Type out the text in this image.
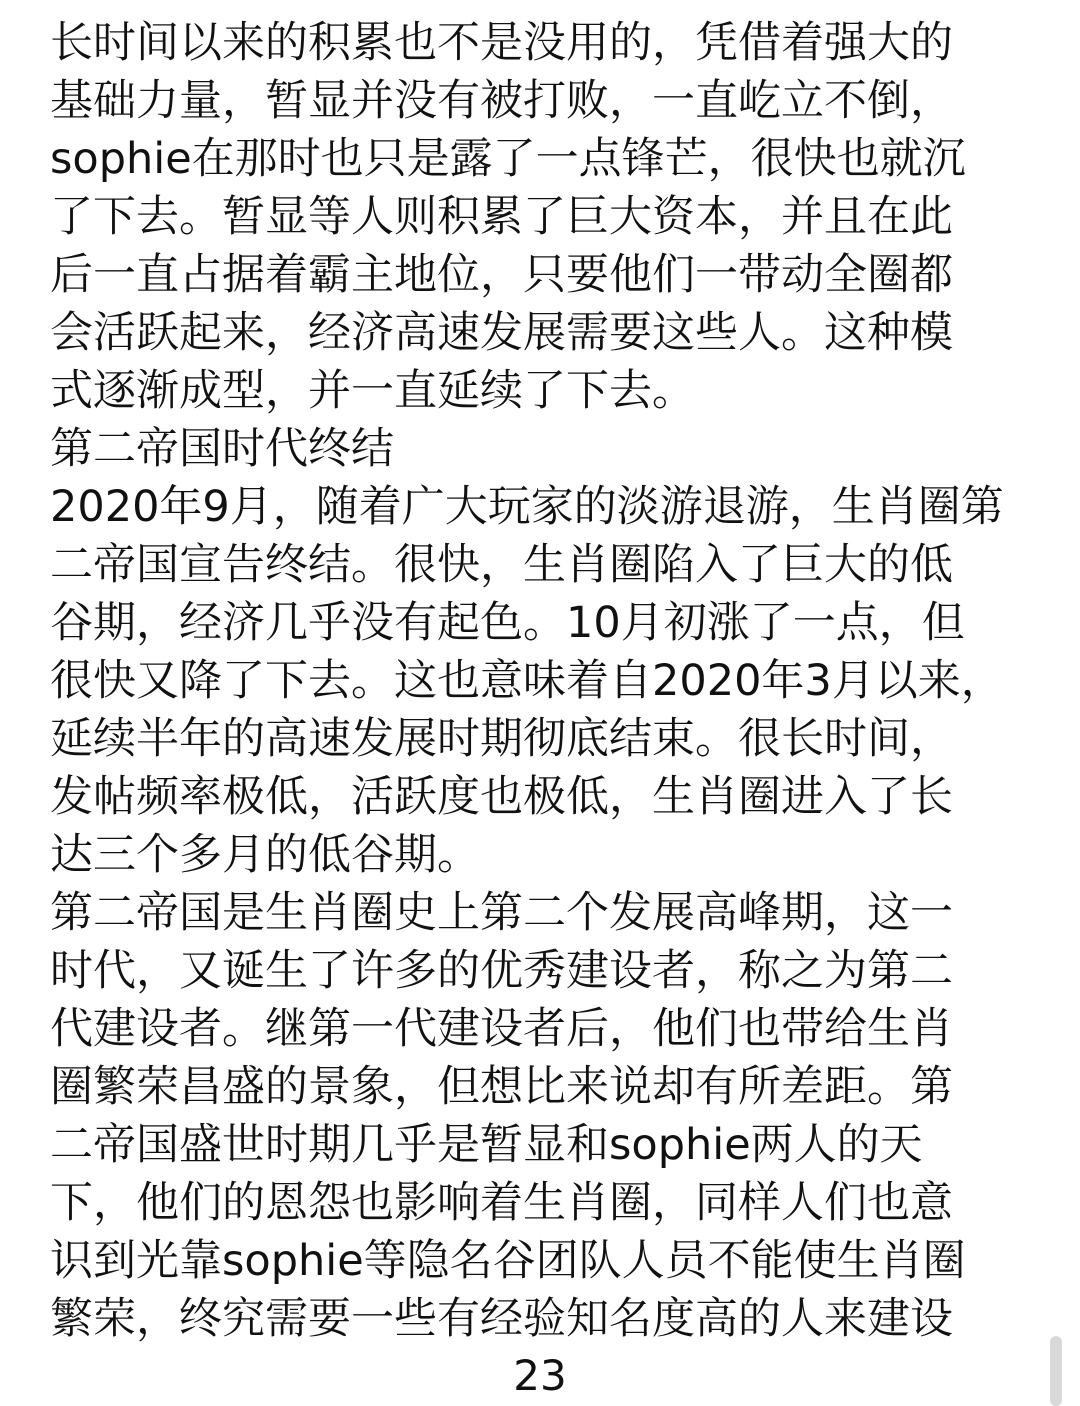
长时间以来的积累也不是没用的，凭借着强大的
基础力量，暂显并没有被打败，一直屹立不倒，
sophie在那时也只是露了一点锋芒，很快也就沉
了下去。暂显等人则积累了巨大资本，并且在此
后一直占据着霸主地位，只要他们一带动全圈都
会活跃起来，经济高速发展需要这些人。这种模
式逐渐成型，并一直延续了下去。
第二帝国时代终结
2020年9月，随着广大玩家的淡游退游，生肖圈第
二帝国宣告终结。很快，生肖圈陷入了巨大的低
谷期，经济几乎没有起色。10月初涨了一点，但
很快又降了下去。这也意味着自2020年3月以来，
延续半年的高速发展时期彻底结束。很长时间，
发帖频率极低，活跃度也极低，生肖圈进入了长
达三个多月的低谷期。
第二帝国是生肖圈史上第二个发展高峰期，这一
时代，又诞生了许多的优秀建设者，称之为第二
代建设者。继第一代建设者后，他们也带给生肖
圈繁荣昌盛的景象，但想比来说却有所差距。第
二帝国盛世时期几乎是暂显和sophie两人的天
下，他们的恩怨也影响着生肖圈，同样人们也意
识到光靠sophie等隐名谷团队人员不能使生肖圈
繁荣，终究需要一些有经验知名度高的人来建设
23
